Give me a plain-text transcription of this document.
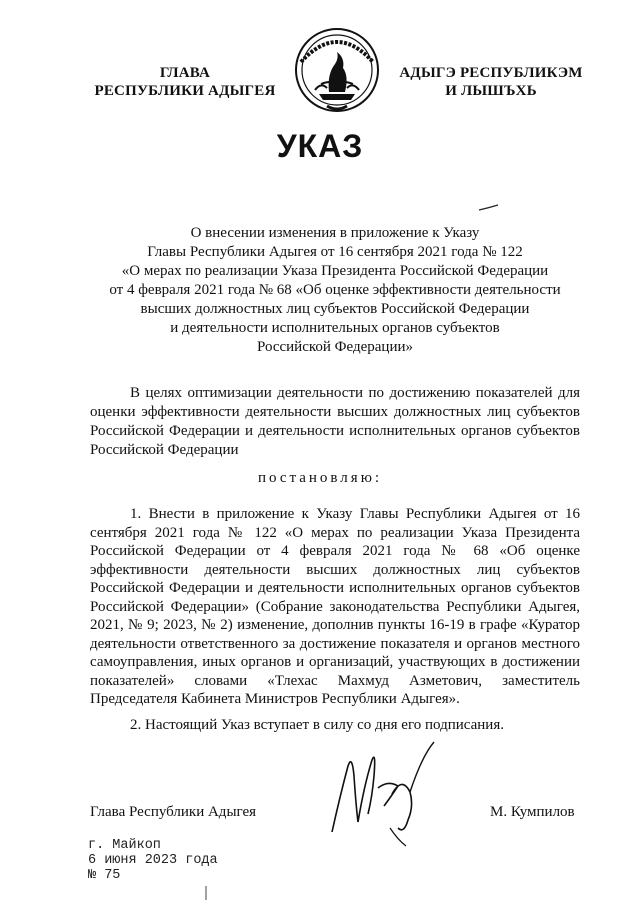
ГЛАВА
РЕСПУБЛИКИ АДЫГЕЯ
АДЫГЭ РЕСПУБЛИКЭМ
И ЛЫШЪХЬ
УКАЗ
О внесении изменения в приложение к Указу
Главы Республики Адыгея от 16 сентября 2021 года № 122
«О мерах по реализации Указа Президента Российской Федерации
от 4 февраля 2021 года № 68 «Об оценке эффективности деятельности
высших должностных лиц субъектов Российской Федерации
и деятельности исполнительных органов субъектов
Российской Федерации»
В целях оптимизации деятельности по достижению показателей для оценки эффективности деятельности высших должностных лиц субъектов Российской Федерации и деятельности исполнительных органов субъектов Российской Федерации
постановляю:
1. Внести в приложение к Указу Главы Республики Адыгея от 16 сентября 2021 года № 122 «О мерах по реализации Указа Президента Российской Федерации от 4 февраля 2021 года № 68 «Об оценке эффективности деятельности высших должностных лиц субъектов Российской Федерации и деятельности исполнительных органов субъектов Российской Федерации» (Собрание законодательства Республики Адыгея, 2021, № 9; 2023, № 2) изменение, дополнив пункты 16-19 в графе «Куратор деятельности ответственного за достижение показателя и органов местного самоуправления, иных органов и организаций, участвующих в достижении показателей» словами «Тлехас Махмуд Азметович, заместитель Председателя Кабинета Министров Республики Адыгея».
2. Настоящий Указ вступает в силу со дня его подписания.
Глава Республики Адыгея	М. Кумпилов
г. Майкоп
6 июня 2023 года
№ 75
